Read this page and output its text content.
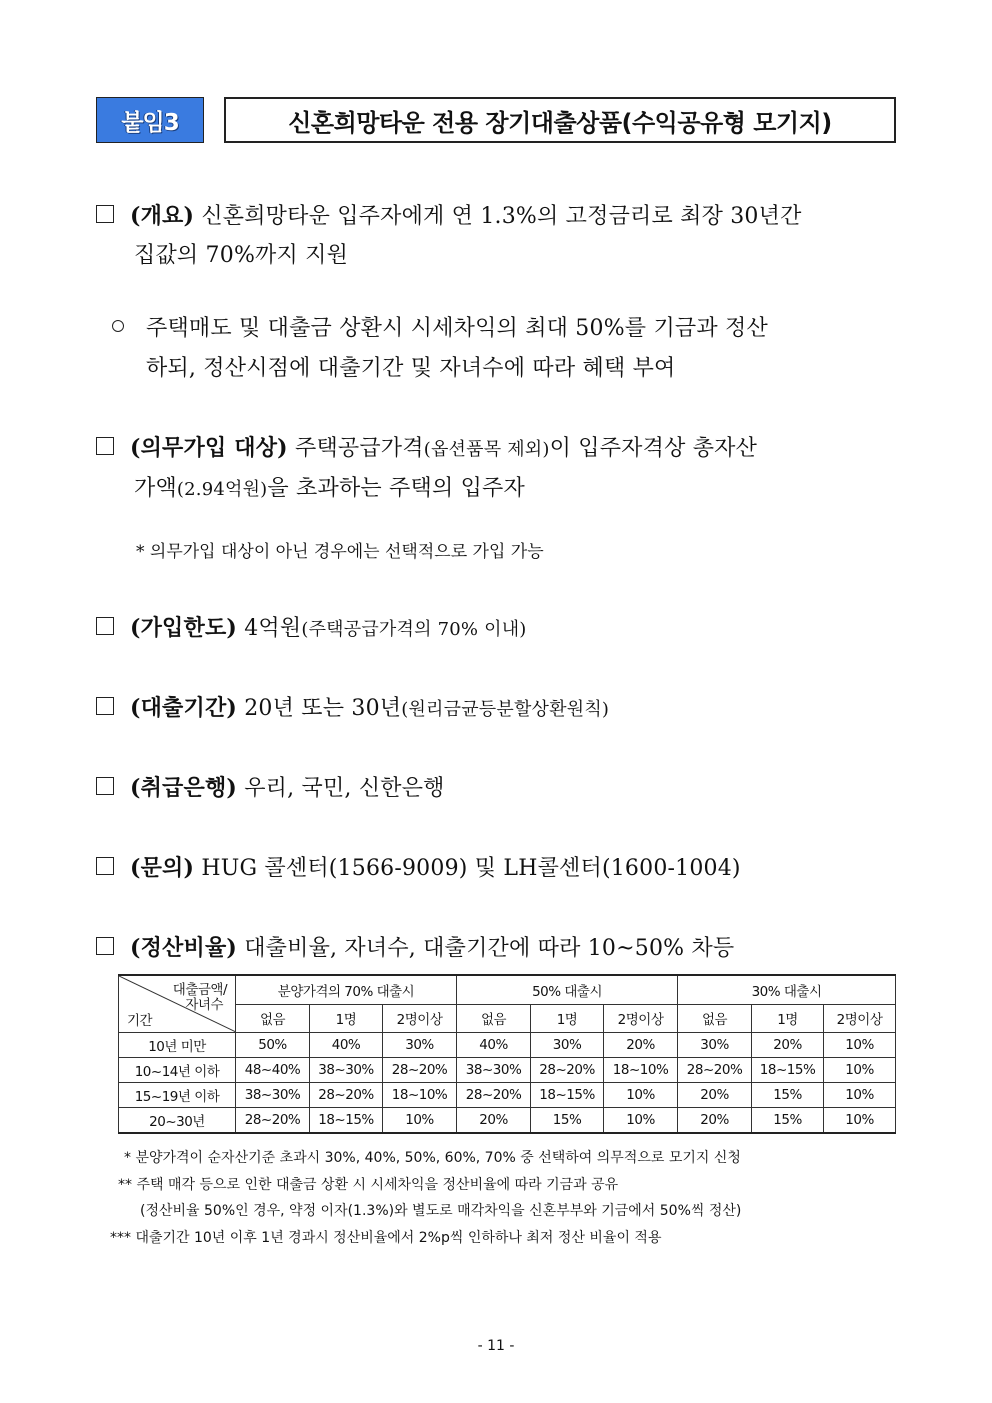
붙임3	신혼희망타운 전용 장기대출상품(수익공유형 모기지)
(개요) 신혼희망타운 입주자에게 연 1.3%의 고정금리로 최장 30년간
집값의 70%까지 지원
주택매도 및 대출금 상환시 시세차익의 최대 50%를 기금과 정산
하되, 정산시점에 대출기간 및 자녀수에 따라 혜택 부여
(의무가입 대상) 주택공급가격(옵션품목 제외)이 입주자격상 총자산
가액(2.94억원)을 초과하는 주택의 입주자
* 의무가입 대상이 아닌 경우에는 선택적으로 가입 가능
(가입한도) 4억원(주택공급가격의 70% 이내)
(대출기간) 20년 또는 30년(원리금균등분할상환원칙)
(취급은행) 우리, 국민, 신한은행
(문의) HUG 콜센터(1566-9009) 및 LH콜센터(1600-1004)
(정산비율) 대출비율, 자녀수, 대출기간에 따라 10~50% 차등
대출금액/
자녀수
기간	분양가격의 70% 대출시			50% 대출시			30% 대출시		
	없음	1명	2명이상	없음	1명	2명이상	없음	1명	2명이상
10년 미만	50%	40%	30%	40%	30%	20%	30%	20%	10%
10~14년 이하	48~40%	38~30%	28~20%	38~30%	28~20%	18~10%	28~20%	18~15%	10%
15~19년 이하	38~30%	28~20%	18~10%	28~20%	18~15%	10%	20%	15%	10%
20~30년	28~20%	18~15%	10%	20%	15%	10%	20%	15%	10%
* 분양가격이 순자산기준 초과시 30%, 40%, 50%, 60%, 70% 중 선택하여 의무적으로 모기지 신청
** 주택 매각 등으로 인한 대출금 상환 시 시세차익을 정산비율에 따라 기금과 공유
(정산비율 50%인 경우, 약정 이자(1.3%)와 별도로 매각차익을 신혼부부와 기금에서 50%씩 정산)
*** 대출기간 10년 이후 1년 경과시 정산비율에서 2%p씩 인하하나 최저 정산 비율이 적용
- 11 -
